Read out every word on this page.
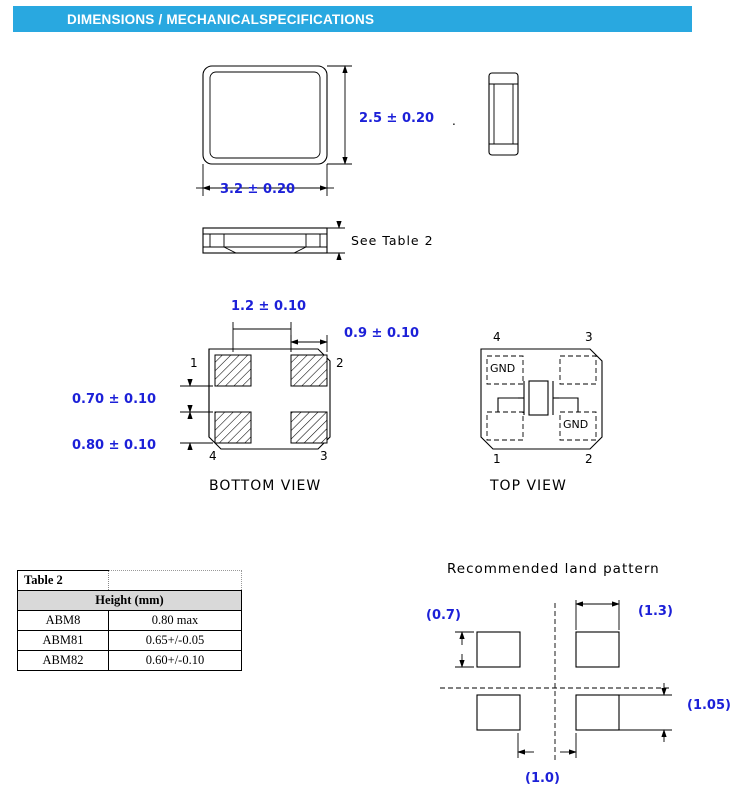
DIMENSIONS / MECHANICALSPECIFICATIONS
2.5 ± 0.20 .
3.2 ± 0.20
See Table 2
1.2 ± 0.10
0.9 ± 0.10
0.70 ± 0.10
0.80 ± 0.10
1	2
3
4
BOTTOM VIEW
4	3
1	2
TOP VIEW
GND
GND
Recommended land pattern
(0.7)	(1.3)
(1.05)
(1.0)
Table 2	
Height (mm)	
ABM8	0.80 max
ABM81	0.65+/-0.05
ABM82	0.60+/-0.10
